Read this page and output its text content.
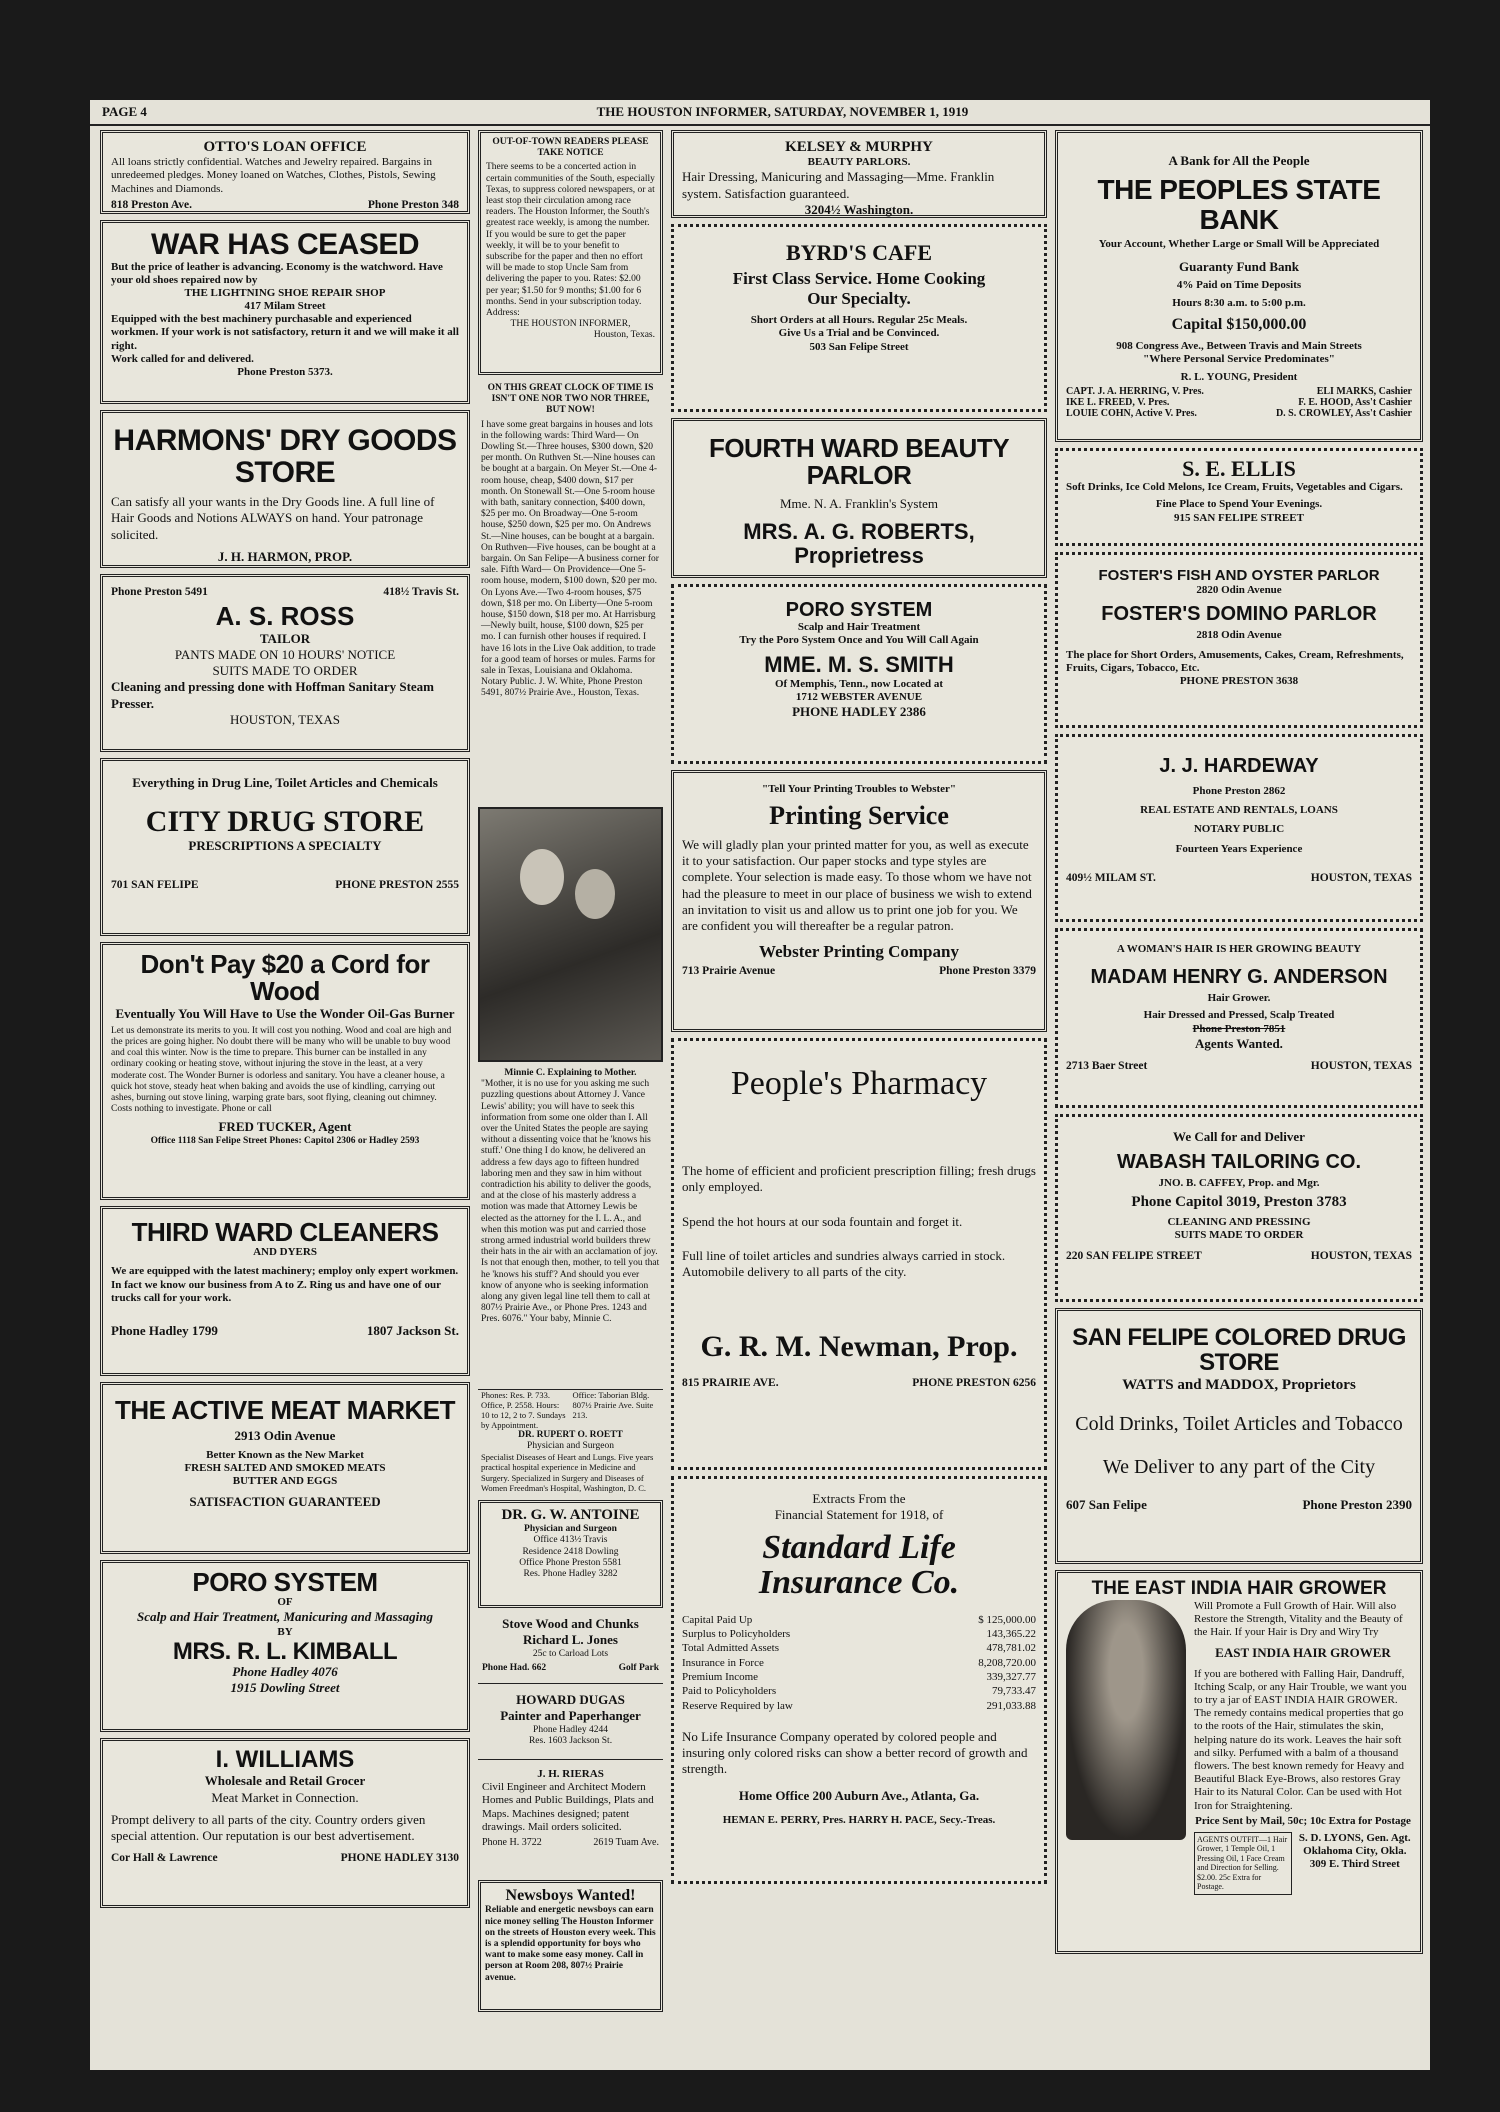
PAGE 4	THE HOUSTON INFORMER, SATURDAY, NOVEMBER 1, 1919
OTTO'S LOAN OFFICE
All loans strictly confidential. Watches and Jewelry repaired. Bargains in unredeemed pledges. Money loaned on Watches, Clothes, Pistols, Sewing Machines and Diamonds.
818 Preston Ave.	Phone Preston 348
WAR HAS CEASED
But the price of leather is advancing. Economy is the watchword. Have your old shoes repaired now by
THE LIGHTNING SHOE REPAIR SHOP
417 Milam Street
Equipped with the best machinery purchasable and experienced workmen. If your work is not satisfactory, return it and we will make it all right.
Work called for and delivered.
Phone Preston 5373.
HARMONS' DRY GOODS STORE
Can satisfy all your wants in the Dry Goods line. A full line of Hair Goods and Notions ALWAYS on hand. Your patronage solicited.
J. H. HARMON, PROP.
Phone Preston 5491	418½ Travis St.
A. S. ROSS
TAILOR
PANTS MADE ON 10 HOURS' NOTICE
SUITS MADE TO ORDER
Cleaning and pressing done with Hoffman Sanitary Steam Presser.
HOUSTON, TEXAS
Everything in Drug Line, Toilet Articles and Chemicals
CITY DRUG STORE
PRESCRIPTIONS A SPECIALTY
701 SAN FELIPE	PHONE PRESTON 2555
Don't Pay $20 a Cord for Wood
Eventually You Will Have to Use the Wonder Oil-Gas Burner
Let us demonstrate its merits to you. It will cost you nothing. Wood and coal are high and the prices are going higher. No doubt there will be many who will be unable to buy wood and coal this winter. Now is the time to prepare. This burner can be installed in any ordinary cooking or heating stove, without injuring the stove in the least, at a very moderate cost. The Wonder Burner is odorless and sanitary. You have a cleaner house, a quick hot stove, steady heat when baking and avoids the use of kindling, carrying out ashes, burning out stove lining, warping grate bars, soot flying, cleaning out chimney. Costs nothing to investigate. Phone or call
FRED TUCKER, Agent
Office 1118 San Felipe Street Phones: Capitol 2306 or Hadley 2593
THIRD WARD CLEANERS
AND DYERS
We are equipped with the latest machinery; employ only expert workmen. In fact we know our business from A to Z. Ring us and have one of our trucks call for your work.
Phone Hadley 1799	1807 Jackson St.
THE ACTIVE MEAT MARKET
2913 Odin Avenue
Better Known as the New Market
FRESH SALTED AND SMOKED MEATS
BUTTER AND EGGS
SATISFACTION GUARANTEED
PORO SYSTEM
OF
Scalp and Hair Treatment, Manicuring and Massaging
BY
MRS. R. L. KIMBALL
Phone Hadley 4076
1915 Dowling Street
I. WILLIAMS
Wholesale and Retail Grocer
Meat Market in Connection.
Prompt delivery to all parts of the city. Country orders given special attention. Our reputation is our best advertisement.
Cor Hall & Lawrence	PHONE HADLEY 3130
OUT-OF-TOWN READERS PLEASE TAKE NOTICE
There seems to be a concerted action in certain communities of the South, especially Texas, to suppress colored newspapers, or at least stop their circulation among race readers. The Houston Informer, the South's greatest race weekly, is among the number. If you would be sure to get the paper weekly, it will be to your benefit to subscribe for the paper and then no effort will be made to stop Uncle Sam from delivering the paper to you. Rates: $2.00 per year; $1.50 for 9 months; $1.00 for 6 months. Send in your subscription today. Address:
THE HOUSTON INFORMER,
Houston, Texas.
ON THIS GREAT CLOCK OF TIME IS ISN'T ONE NOR TWO NOR THREE, BUT NOW!
I have some great bargains in houses and lots in the following wards: Third Ward— On Dowling St.—Three houses, $300 down, $20 per month. On Ruthven St.—Nine houses can be bought at a bargain. On Meyer St.—One 4-room house, cheap, $400 down, $17 per month. On Stonewall St.—One 5-room house with bath, sanitary connection, $400 down, $25 per mo. On Broadway—One 5-room house, $250 down, $25 per mo. On Andrews St.—Nine houses, can be bought at a bargain. On Ruthven—Five houses, can be bought at a bargain. On San Felipe—A business corner for sale. Fifth Ward— On Providence—One 5-room house, modern, $100 down, $20 per mo. On Lyons Ave.—Two 4-room houses, $75 down, $18 per mo. On Liberty—One 5-room house, $150 down, $18 per mo. At Harrisburg—Newly built, house, $100 down, $25 per mo. I can furnish other houses if required. I have 16 lots in the Live Oak addition, to trade for a good team of horses or mules. Farms for sale in Texas, Louisiana and Oklahoma. Notary Public. J. W. White, Phone Preston 5491, 807½ Prairie Ave., Houston, Texas.
Minnie C. Explaining to Mother.
"Mother, it is no use for you asking me such puzzling questions about Attorney J. Vance Lewis' ability; you will have to seek this information from some one older than I. All over the United States the people are saying without a dissenting voice that he 'knows his stuff.' One thing I do know, he delivered an address a few days ago to fifteen hundred laboring men and they saw in him without contradiction his ability to deliver the goods, and at the close of his masterly address a motion was made that Attorney Lewis be elected as the attorney for the I. L. A., and when this motion was put and carried those strong armed industrial world builders threw their hats in the air with an acclamation of joy. Is not that enough then, mother, to tell you that he 'knows his stuff'? And should you ever know of anyone who is seeking information along any given legal line tell them to call at 807½ Prairie Ave., or Phone Pres. 1243 and Pres. 6076." Your baby, Minnie C.
Phones: Res. P. 733. Office, P. 2558. Hours: 10 to 12, 2 to 7. Sundays by Appointment.
Office: Taborian Bldg. 807½ Prairie Ave. Suite 213.
DR. RUPERT O. ROETT
Physician and Surgeon
Specialist Diseases of Heart and Lungs. Five years practical hospital experience in Medicine and Surgery. Specialized in Surgery and Diseases of Women Freedman's Hospital, Washington, D. C.
DR. G. W. ANTOINE
Physician and Surgeon
Office 413½ Travis
Residence 2418 Dowling
Office Phone Preston 5581
Res. Phone Hadley 3282
Stove Wood and Chunks
Richard L. Jones
25c to Carload Lots
Phone Had. 662	Golf Park
HOWARD DUGAS
Painter and Paperhanger
Phone Hadley 4244
Res. 1603 Jackson St.
J. H. RIERAS
Civil Engineer and Architect Modern Homes and Public Buildings, Plats and Maps. Machines designed; patent drawings. Mail orders solicited.
Phone H. 3722	2619 Tuam Ave.
Newsboys Wanted!
Reliable and energetic newsboys can earn nice money selling The Houston Informer on the streets of Houston every week. This is a splendid opportunity for boys who want to make some easy money. Call in person at Room 208, 807½ Prairie avenue.
KELSEY & MURPHY
BEAUTY PARLORS.
Hair Dressing, Manicuring and Massaging—Mme. Franklin system. Satisfaction guaranteed.
3204½ Washington.
BYRD'S CAFE
First Class Service. Home Cooking
Our Specialty.
Short Orders at all Hours. Regular 25c Meals.
Give Us a Trial and be Convinced.
503 San Felipe Street
FOURTH WARD BEAUTY PARLOR
Mme. N. A. Franklin's System
MRS. A. G. ROBERTS, Proprietress
PORO SYSTEM
Scalp and Hair Treatment
Try the Poro System Once and You Will Call Again
MME. M. S. SMITH
Of Memphis, Tenn., now Located at
1712 WEBSTER AVENUE
PHONE HADLEY 2386
"Tell Your Printing Troubles to Webster"
Printing Service
We will gladly plan your printed matter for you, as well as execute it to your satisfaction. Our paper stocks and type styles are complete. Your selection is made easy. To those whom we have not had the pleasure to meet in our place of business we wish to extend an invitation to visit us and allow us to print one job for you. We are confident you will thereafter be a regular patron.
Webster Printing Company
713 Prairie Avenue	Phone Preston 3379
People's Pharmacy
The home of efficient and proficient prescription filling; fresh drugs only employed.
Spend the hot hours at our soda fountain and forget it.
Full line of toilet articles and sundries always carried in stock. Automobile delivery to all parts of the city.
G. R. M. Newman, Prop.
815 PRAIRIE AVE.	PHONE PRESTON 6256
Extracts From the
Financial Statement for 1918, of
Standard Life
Insurance Co.
Capital Paid Up	$ 125,000.00
Surplus to Policyholders	143,365.22
Total Admitted Assets	478,781.02
Insurance in Force	8,208,720.00
Premium Income	339,327.77
Paid to Policyholders	79,733.47
Reserve Required by law	291,033.88
No Life Insurance Company operated by colored people and insuring only colored risks can show a better record of growth and strength.
Home Office 200 Auburn Ave., Atlanta, Ga.
HEMAN E. PERRY, Pres. HARRY H. PACE, Secy.-Treas.
A Bank for All the People
THE PEOPLES STATE BANK
Your Account, Whether Large or Small Will be Appreciated
Guaranty Fund Bank
4% Paid on Time Deposits
Hours 8:30 a.m. to 5:00 p.m.
Capital $150,000.00
908 Congress Ave., Between Travis and Main Streets
"Where Personal Service Predominates"
R. L. YOUNG, President
CAPT. J. A. HERRING, V. Pres.	ELI MARKS, Cashier
IKE L. FREED, V. Pres.	F. E. HOOD, Ass't Cashier
LOUIE COHN, Active V. Pres.	D. S. CROWLEY, Ass't Cashier
S. E. ELLIS
Soft Drinks, Ice Cold Melons, Ice Cream, Fruits, Vegetables and Cigars.
Fine Place to Spend Your Evenings.
915 SAN FELIPE STREET
FOSTER'S FISH AND OYSTER PARLOR
2820 Odin Avenue
FOSTER'S DOMINO PARLOR
2818 Odin Avenue
The place for Short Orders, Amusements, Cakes, Cream, Refreshments, Fruits, Cigars, Tobacco, Etc.
PHONE PRESTON 3638
J. J. HARDEWAY
Phone Preston 2862
REAL ESTATE AND RENTALS, LOANS
NOTARY PUBLIC
Fourteen Years Experience
409½ MILAM ST.	HOUSTON, TEXAS
A WOMAN'S HAIR IS HER GROWING BEAUTY
MADAM HENRY G. ANDERSON
Hair Grower.
Hair Dressed and Pressed, Scalp Treated
Phone Preston 7851
Agents Wanted.
2713 Baer Street	HOUSTON, TEXAS
We Call for and Deliver
WABASH TAILORING CO.
JNO. B. CAFFEY, Prop. and Mgr.
Phone Capitol 3019, Preston 3783
CLEANING AND PRESSING
SUITS MADE TO ORDER
220 SAN FELIPE STREET	HOUSTON, TEXAS
SAN FELIPE COLORED DRUG STORE
WATTS and MADDOX, Proprietors
Cold Drinks, Toilet Articles and Tobacco
We Deliver to any part of the City
607 San Felipe	Phone Preston 2390
THE EAST INDIA HAIR GROWER
Will Promote a Full Growth of Hair. Will also Restore the Strength, Vitality and the Beauty of the Hair. If your Hair is Dry and Wiry Try
EAST INDIA HAIR GROWER
If you are bothered with Falling Hair, Dandruff, Itching Scalp, or any Hair Trouble, we want you to try a jar of EAST INDIA HAIR GROWER. The remedy contains medical properties that go to the roots of the Hair, stimulates the skin, helping nature do its work. Leaves the hair soft and silky. Perfumed with a balm of a thousand flowers. The best known remedy for Heavy and Beautiful Black Eye-Brows, also restores Gray Hair to its Natural Color. Can be used with Hot Iron for Straightening.
Price Sent by Mail, 50c; 10c Extra for Postage
AGENTS OUTFIT—1 Hair Grower, 1 Temple Oil, 1 Pressing Oil, 1 Face Cream and Direction for Selling. $2.00. 25c Extra for Postage.
S. D. LYONS, Gen. Agt.
Oklahoma City, Okla.
309 E. Third Street
